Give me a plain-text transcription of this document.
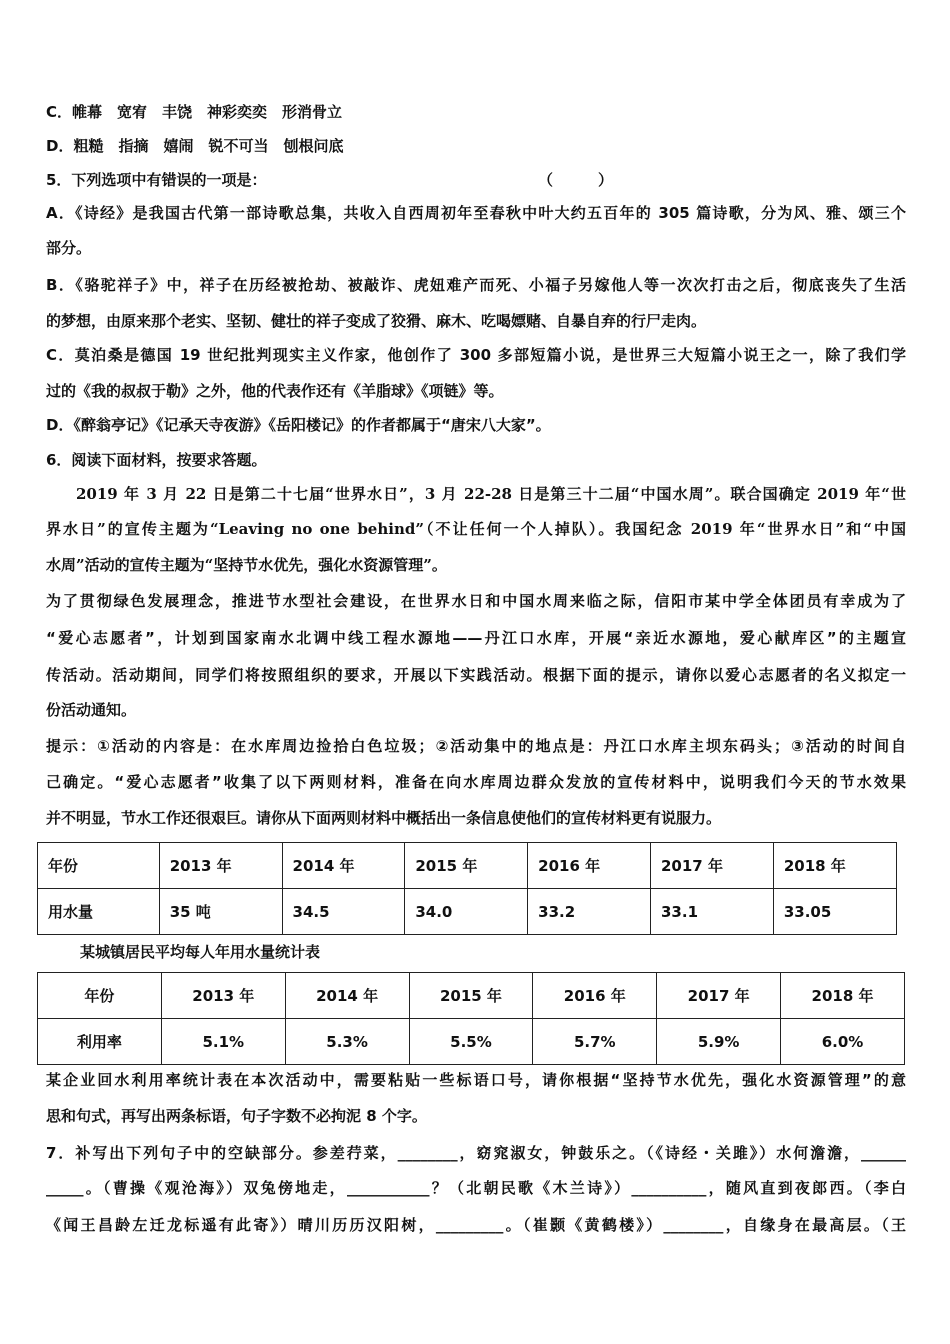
C．帷幕　宽宥　丰饶　神彩奕奕　形消骨立
D．粗糙　指摘　嬉闹　锐不可当　刨根问底
5．下列选项中有错误的一项是：	（　　　）
A．《诗经》是我国古代第一部诗歌总集，共收入自西周初年至春秋中叶大约五百年的 305 篇诗歌，分为风、雅、颂三个
部分。
B．《骆驼祥子》中，祥子在历经被抢劫、被敲诈、虎妞难产而死、小福子另嫁他人等一次次打击之后，彻底丧失了生活
的梦想，由原来那个老实、坚韧、健壮的祥子变成了狡猾、麻木、吃喝嫖赌、自暴自弃的行尸走肉。
C．莫泊桑是德国 19 世纪批判现实主义作家，他创作了 300 多部短篇小说，是世界三大短篇小说王之一，除了我们学
过的《我的叔叔于勒》之外，他的代表作还有《羊脂球》《项链》等。
D．《醉翁亭记》《记承天寺夜游》《岳阳楼记》的作者都属于“唐宋八大家”。
6．阅读下面材料，按要求答题。
2019 年 3 月 22 日是第二十七届“世界水日”，3 月 22-28 日是第三十二届“中国水周”。联合国确定 2019 年“世
界水日”的宣传主题为“Leaving no one behind”（不让任何一个人掉队）。我国纪念 2019 年“世界水日”和“中国
水周”活动的宣传主题为“坚持节水优先，强化水资源管理”。
为了贯彻绿色发展理念，推进节水型社会建设，在世界水日和中国水周来临之际，信阳市某中学全体团员有幸成为了
“爱心志愿者”，计划到国家南水北调中线工程水源地——丹江口水库，开展“亲近水源地，爱心献库区”的主题宣
传活动。活动期间，同学们将按照组织的要求，开展以下实践活动。根据下面的提示，请你以爱心志愿者的名义拟定一
份活动通知。
提示：①活动的内容是：在水库周边捡拾白色垃圾；②活动集中的地点是：丹江口水库主坝东码头；③活动的时间自
己确定。“爱心志愿者”收集了以下两则材料，准备在向水库周边群众发放的宣传材料中，说明我们今天的节水效果
并不明显，节水工作还很艰巨。请你从下面两则材料中概括出一条信息使他们的宣传材料更有说服力。
年份	2013 年	2014 年	2015 年	2016 年	2017 年	2018 年
用水量	35 吨	34.5	34.0	33.2	33.1	33.05
某城镇居民平均每人年用水量统计表
年份	2013 年	2014 年	2015 年	2016 年	2017 年	2018 年
利用率	5.1%	5.3%	5.5%	5.7%	5.9%	6.0%
某企业回水利用率统计表在本次活动中，需要粘贴一些标语口号，请你根据“坚持节水优先，强化水资源管理”的意
思和句式，再写出两条标语，句子字数不必拘泥 8 个字。
7．补写出下列句子中的空缺部分。参差荇菜，________，窈窕淑女，钟鼓乐之。（《诗经・关雎》）水何澹澹，______
_____。（曹操《观沧海》）双兔傍地走，___________？（北朝民歌《木兰诗》）__________，随风直到夜郎西。（李白
《闻王昌龄左迁龙标遥有此寄》）晴川历历汉阳树，_________。（崔颢《黄鹤楼》）________，自缘身在最高层。（王
